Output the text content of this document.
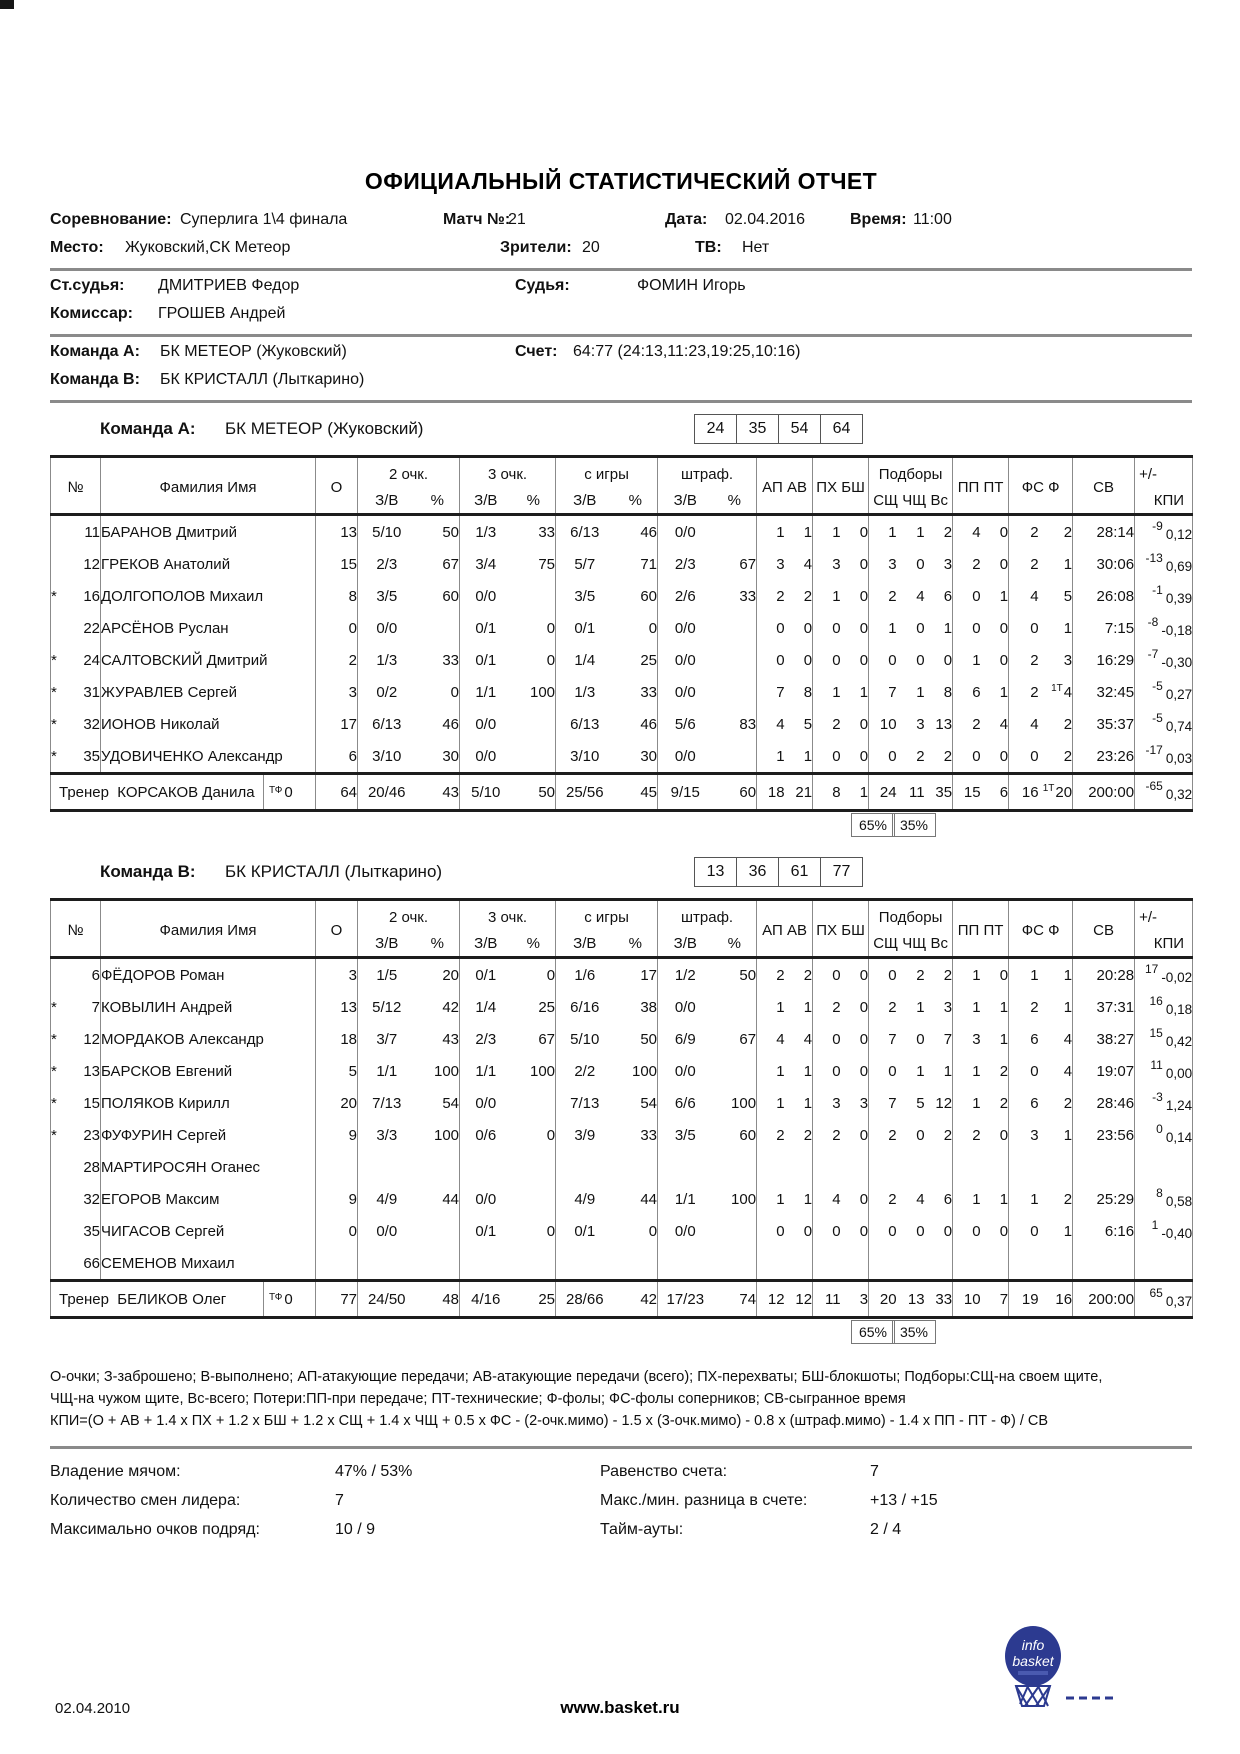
ОФИЦИАЛЬНЫЙ СТАТИСТИЧЕСКИЙ ОТЧЕТ
Соревнование: Суперлига 1\4 финала	Матч №:
21	Дата: 02.04.2016	Время: 11:00
Место: Жуковский,СК Метеор	Зрители: 20	ТВ: Нет
Ст.судья: ДМИТРИЕВ Федор	Судья:	ФОМИН Игорь
Комиссар: ГРОШЕВ Андрей
Команда А: БК МЕТЕОР (Жуковский)	Счет: 64:77 (24:13,11:23,19:25,10:16)
Команда В: БК КРИСТАЛЛ (Лыткарино)
Команда А: БК МЕТЕОР (Жуковский)	24	35	54	64
№	Фамилия Имя	О	2 очк.		3 очк.		с игры		штраф.		АП АВ		ПХ БШ		Подборы			ПП ПТ		ФС Ф		СВ	+/-
			З/В	%	З/В	%	З/В	%	З/В	%					СЩ ЧЩ Вс								КПИ

11 БАРАНОВ Дмитрий	13	5/10	50	1/3	33	6/13	46	0/0		1	1	1	0	1	1	2	4	0	2	2	28:14	$^{-9}$0,12

12 ГРЕКОВ Анатолий	15	2/3	67	3/4	75	5/7	71	2/3	67	3	4	3	0	3	0	3	2	0	2	1	30:06	$^{-13}$0,69

* 16 ДОЛГОПОЛОВ Михаил	8	3/5	60	0/0		3/5	60	2/6	33	2	2	1	0	2	4	6	0	1	4	5	26:08	$^{-1}$0,39

22 АРСЁНОВ Руслан	0	0/0		0/1	0	0/1	0	0/0		0	0	0	0	1	0	1	0	0	0	1	7:15	$^{-8}$-0,18

* 24 САЛТОВСКИЙ Дмитрий	2	1/3	33	0/1	0	1/4	25	0/0		0	0	0	0	0	0	0	1	0	2	3	16:29	$^{-7}$-0,30

* 31 ЖУРАВЛЕВ Сергей	3	0/2	0	1/1	100	1/3	33	0/0		7	8	1	1	7	1	8	6	1	2	$^{1Т}$4	32:45	$^{-5}$0,27

* 32 ИОНОВ Николай	17	6/13	46	0/0		6/13	46	5/6	83	4	5	2	0	10	3	13	2	4	4	2	35:37	$^{-5}$0,74

* 35 УДОВИЧЕНКО Александр	6	3/10	30	0/0		3/10	30	0/0		1	1	0	0	0	2	2	0	0	0	2	23:26	$^{-17}$0,03

Тренер  КОРСАКОВ Данила $^{ТФ}$ 0		64	20/46	43	5/10	50	25/56	45	9/15	60	18	21	8	1	24	11	35	15	6	16	$^{1Т}$20	200:00	$^{-65}$0,32
65% 35%
Команда В: БК КРИСТАЛЛ (Лыткарино)	13	36	61	77
№	Фамилия Имя	О	2 очк.		3 очк.		с игры		штраф.		АП АВ		ПХ БШ		Подборы			ПП ПТ		ФС Ф		СВ	+/-
			З/В	%	З/В	%	З/В	%	З/В	%					СЩ ЧЩ Вс								КПИ

6 ФЁДОРОВ Роман	3	1/5	20	0/1	0	1/6	17	1/2	50	2	2	0	0	0	2	2	1	0	1	1	20:28	$^{17}$-0,02

* 7 КОВЫЛИН Андрей	13	5/12	42	1/4	25	6/16	38	0/0		1	1	2	0	2	1	3	1	1	2	1	37:31	$^{16}$0,18

* 12 МОРДАКОВ Александр	18	3/7	43	2/3	67	5/10	50	6/9	67	4	4	0	0	7	0	7	3	1	6	4	38:27	$^{15}$0,42

* 13 БАРСКОВ Евгений	5	1/1	100	1/1	100	2/2	100	0/0		1	1	0	0	0	1	1	1	2	0	4	19:07	$^{11}$0,00

* 15 ПОЛЯКОВ Кирилл	20	7/13	54	0/0		7/13	54	6/6	100	1	1	3	3	7	5	12	1	2	6	2	28:46	$^{-3}$1,24

* 23 ФУФУРИН Сергей	9	3/3	100	0/6	0	3/9	33	3/5	60	2	2	2	0	2	0	2	2	0	3	1	23:56	$^0$0,14

28 МАРТИРОСЯН Оганес																						

32 ЕГОРОВ Максим	9	4/9	44	0/0		4/9	44	1/1	100	1	1	4	0	2	4	6	1	1	1	2	25:29	$^8$0,58

35 ЧИГАСОВ Сергей	0	0/0		0/1	0	0/1	0	0/0		0	0	0	0	0	0	0	0	0	0	1	6:16	$^1$-0,40

66 СЕМЕНОВ Михаил																						

Тренер  БЕЛИКОВ Олег $^{ТФ}$ 0		77	24/50	48	4/16	25	28/66	42	17/23	74	12	12	11	3	20	13	33	10	7	19	16	200:00	$^{65}$0,37
65% 35%
О-очки; З-заброшено; В-выполнено; АП-атакующие передачи; АВ-атакующие передачи (всего); ПХ-перехваты; БШ-блокшоты; Подборы:СЩ-на своем щите,
ЧЩ-на чужом щите, Вс-всего; Потери:ПП-при передаче; ПТ-технические; Ф-фолы; ФС-фолы соперников; СВ-сыгранное время
КПИ=(О + АВ + 1.4 х ПХ + 1.2 х БШ + 1.2 х СЩ + 1.4 х ЧЩ + 0.5 х ФС - (2-очк.мимо) - 1.5 х (3-очк.мимо) - 0.8 х (штраф.мимо) - 1.4 х ПП - ПТ - Ф) / СВ
Владение мячом:	47% / 53%	Равенство счета:	7
Количество смен лидера:	7	Макс./мин. разница в счете:	+13 / +15
Максимально очков подряд:	10 / 9	Тайм-ауты:	2 / 4
02.04.2010	www.basket.ru
info
basket
